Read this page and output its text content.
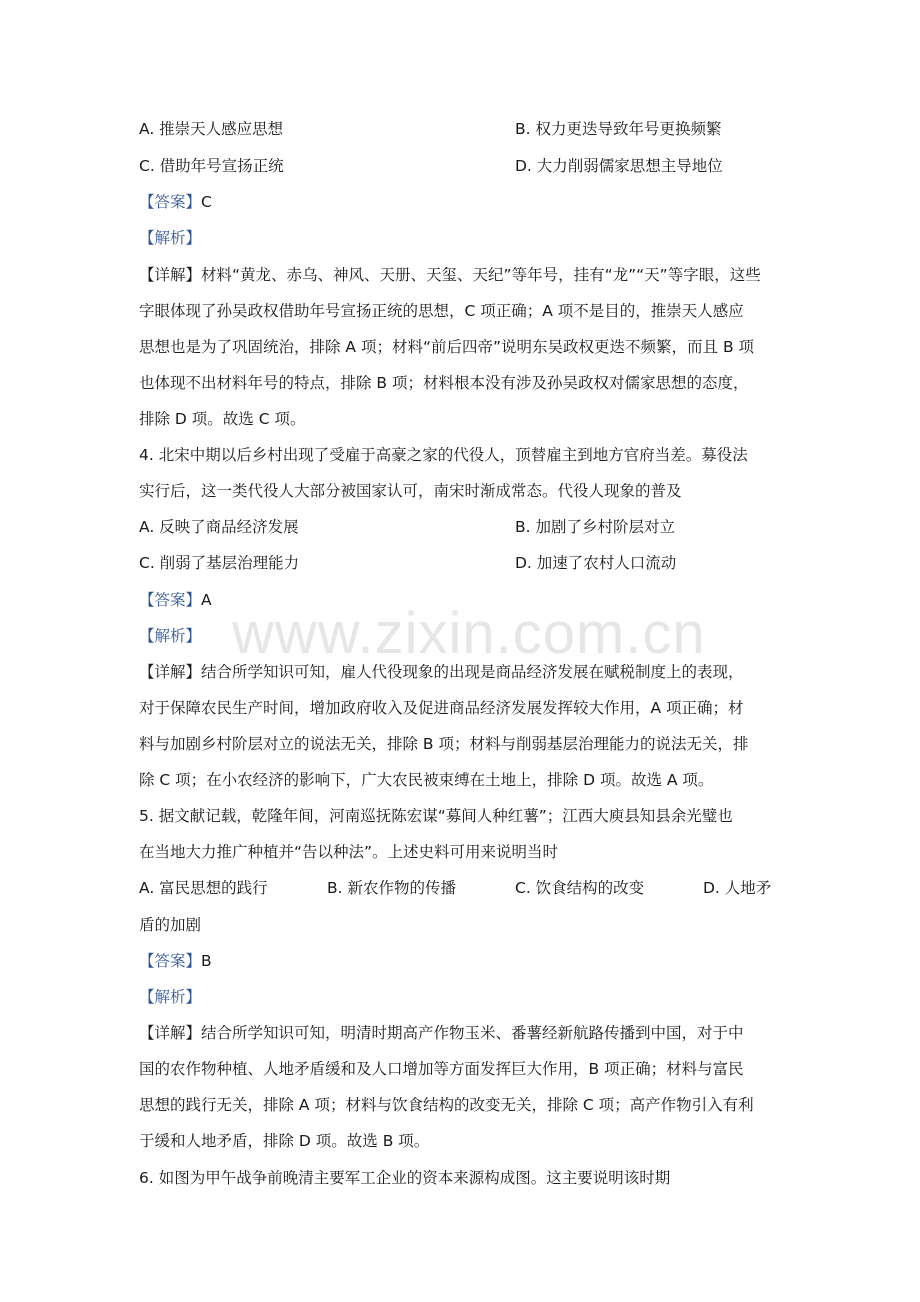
www.zixin.com.cn
A. 推崇天人感应思想	B. 权力更迭导致年号更换频繁
C. 借助年号宣扬正统	D. 大力削弱儒家思想主导地位
【答案】C
【解析】
【详解】材料“黄龙、赤乌、神风、天册、天玺、天纪”等年号，挂有“龙”“天”等字眼，这些
字眼体现了孙吴政权借助年号宣扬正统的思想，C 项正确；A 项不是目的，推崇天人感应
思想也是为了巩固统治，排除 A 项；材料“前后四帝”说明东吴政权更迭不频繁，而且 B 项
也体现不出材料年号的特点，排除 B 项；材料根本没有涉及孙吴政权对儒家思想的态度，
排除 D 项。故选 C 项。
4. 北宋中期以后乡村出现了受雇于高豪之家的代役人，顶替雇主到地方官府当差。募役法
实行后，这一类代役人大部分被国家认可，南宋时渐成常态。代役人现象的普及
A. 反映了商品经济发展	B. 加剧了乡村阶层对立
C. 削弱了基层治理能力	D. 加速了农村人口流动
【答案】A
【解析】
【详解】结合所学知识可知，雇人代役现象的出现是商品经济发展在赋税制度上的表现，
对于保障农民生产时间，增加政府收入及促进商品经济发展发挥较大作用，A 项正确；材
料与加剧乡村阶层对立的说法无关，排除 B 项；材料与削弱基层治理能力的说法无关，排
除 C 项；在小农经济的影响下，广大农民被束缚在土地上，排除 D 项。故选 A 项。
5. 据文献记载，乾隆年间，河南巡抚陈宏谋“募间人种红薯”；江西大庾县知县余光璧也
在当地大力推广种植并“告以种法”。上述史料可用来说明当时
A. 富民思想的践行	B. 新农作物的传播	C. 饮食结构的改变	D. 人地矛
盾的加剧
【答案】B
【解析】
【详解】结合所学知识可知，明清时期高产作物玉米、番薯经新航路传播到中国，对于中
国的农作物种植、人地矛盾缓和及人口增加等方面发挥巨大作用，B 项正确；材料与富民
思想的践行无关，排除 A 项；材料与饮食结构的改变无关，排除 C 项；高产作物引入有利
于缓和人地矛盾，排除 D 项。故选 B 项。
6. 如图为甲午战争前晚清主要军工企业的资本来源构成图。这主要说明该时期
